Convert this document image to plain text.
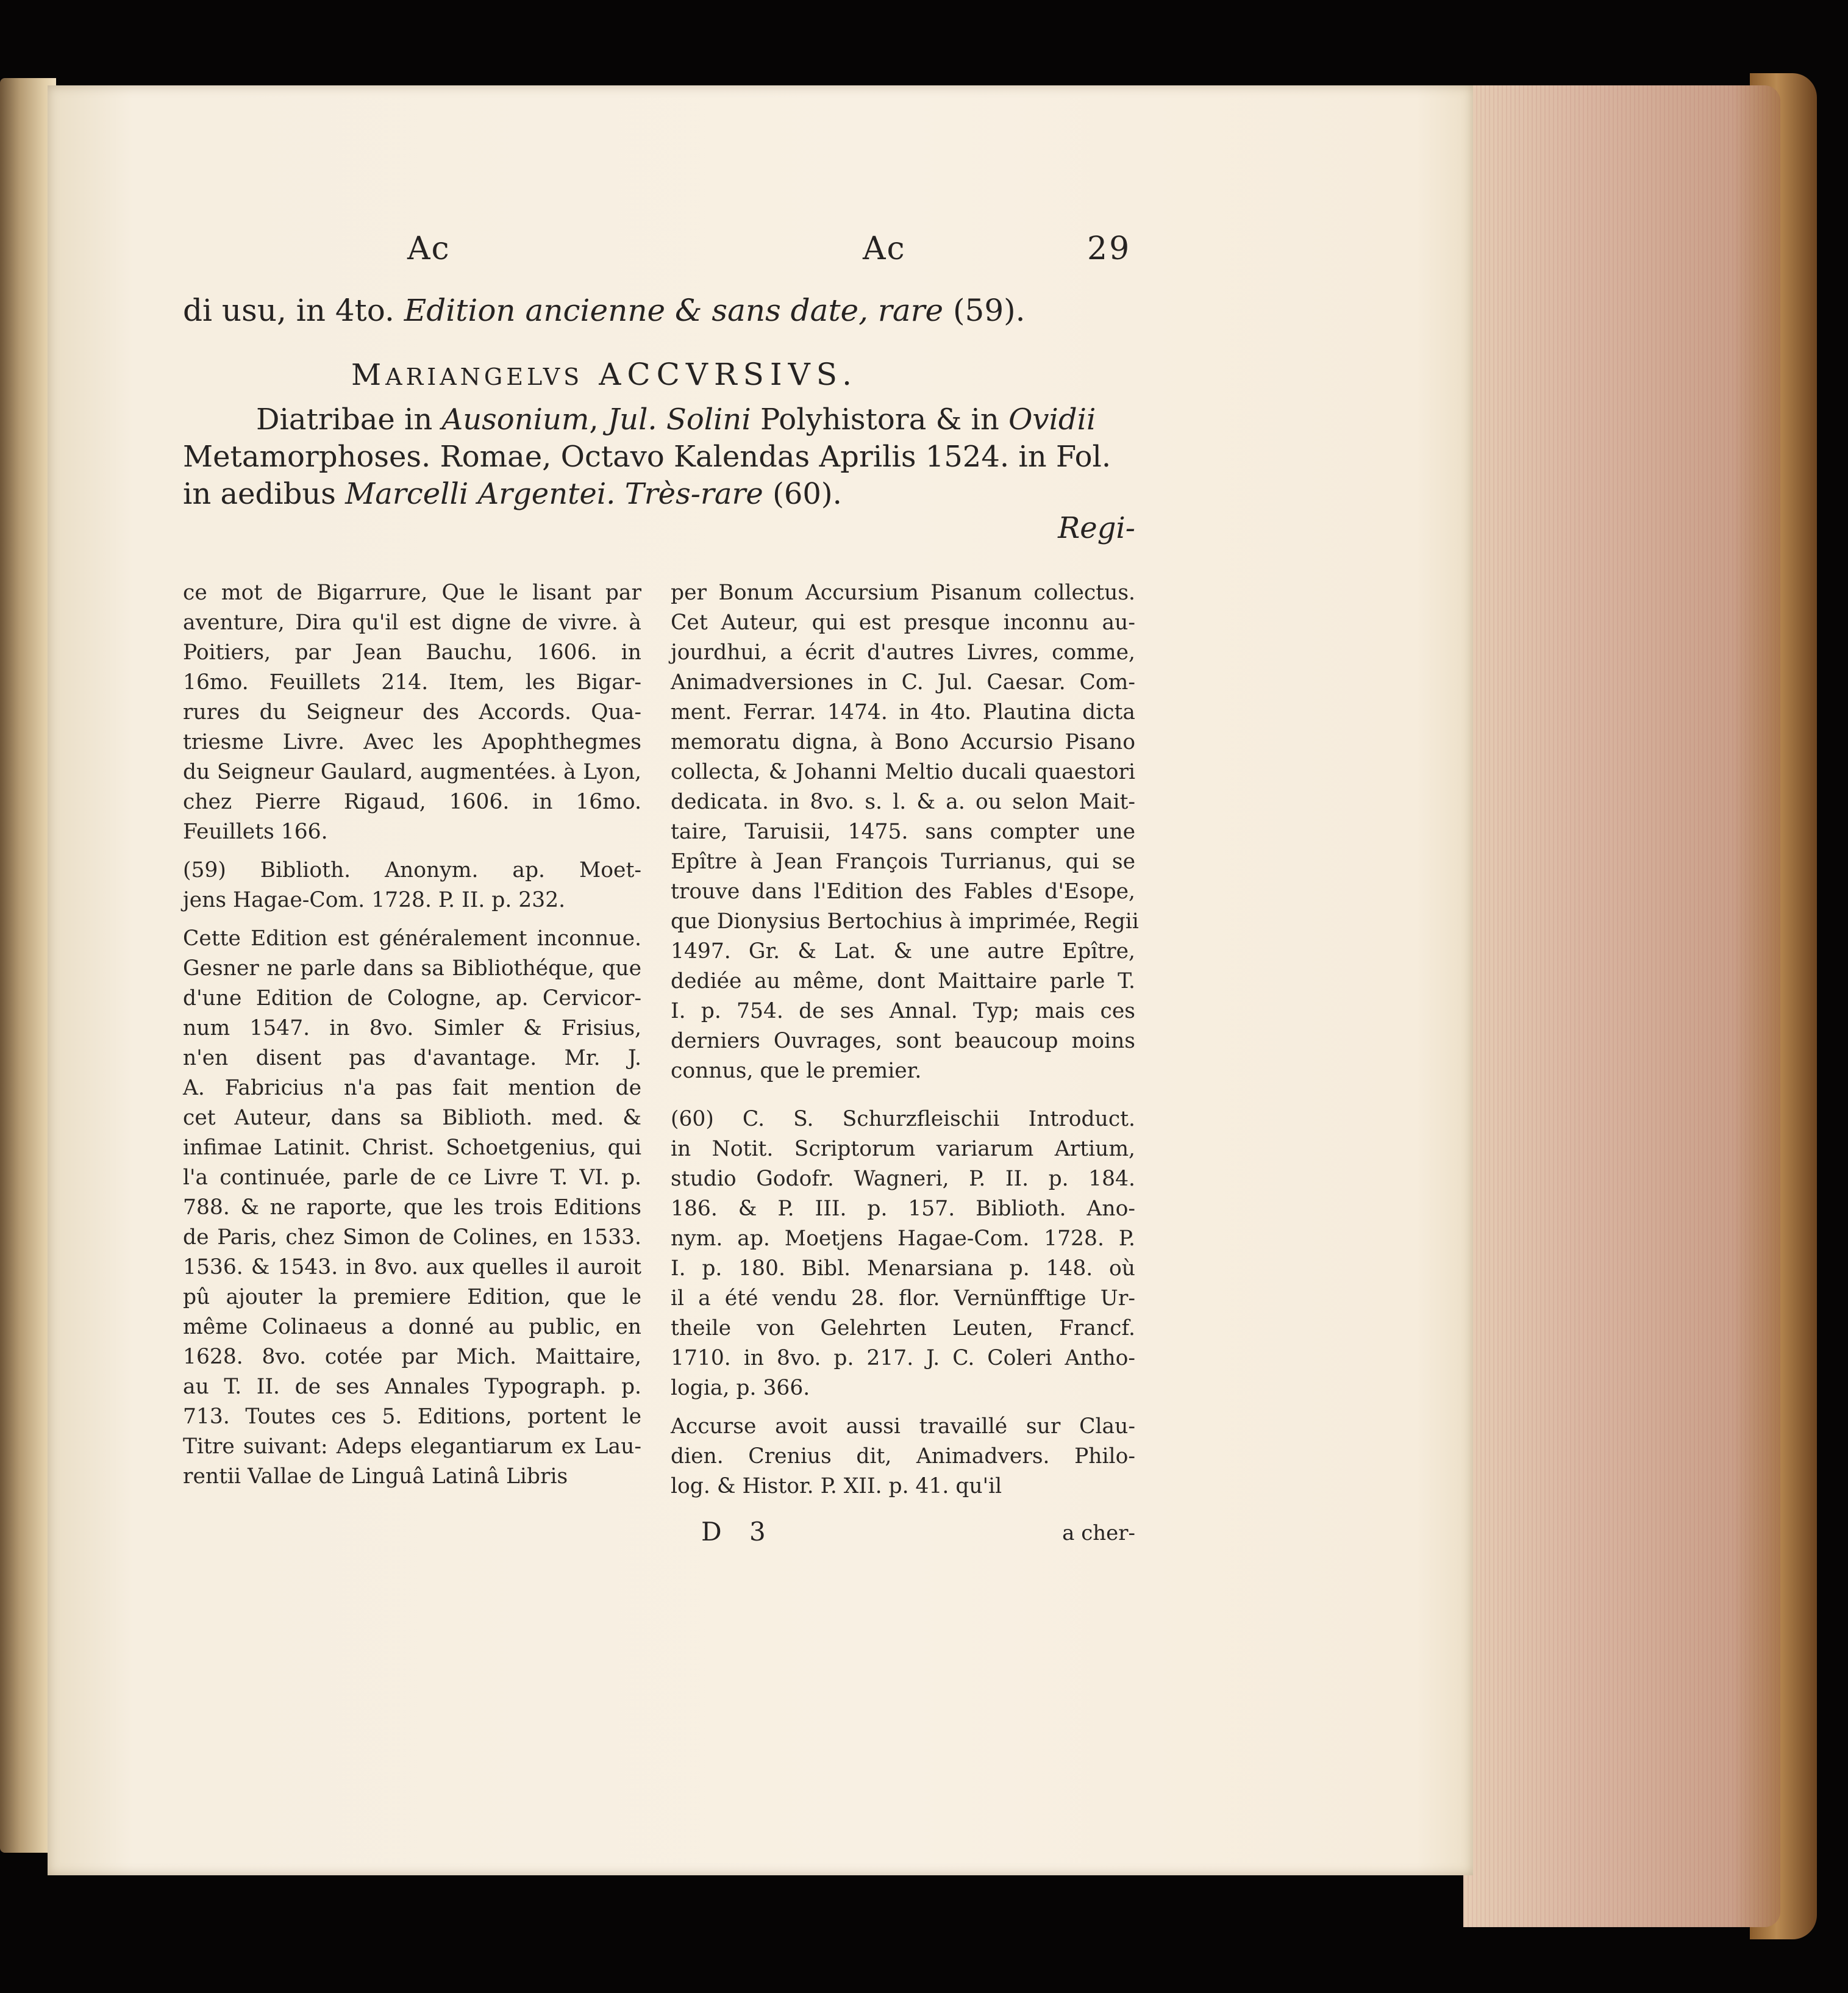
Ac	Ac	29
di usu, in 4to. Edition ancienne & sans date, rare (59).
MARIANGELVS ACCVRSIVS.
Diatribae in Ausonium, Jul. Solini Polyhistora & in Ovidii
Metamorphoses. Romae, Octavo Kalendas Aprilis 1524. in Fol.
in aedibus Marcelli Argentei. Très-rare (60).
Regi-
ce mot de Bigarrure, Que le lisant par
aventure, Dira qu'il est digne de vivre. à
Poitiers, par Jean Bauchu, 1606. in
16mo. Feuillets 214. Item, les Bigar-
rures du Seigneur des Accords. Qua-
triesme Livre. Avec les Apophthegmes
du Seigneur Gaulard, augmentées. à Lyon,
chez Pierre Rigaud, 1606. in 16mo.
Feuillets 166.
(59) Biblioth. Anonym. ap. Moet-
jens Hagae-Com. 1728. P. II. p. 232.
Cette Edition est généralement inconnue.
Gesner ne parle dans sa Bibliothéque, que
d'une Edition de Cologne, ap. Cervicor-
num 1547. in 8vo. Simler & Frisius,
n'en disent pas d'avantage. Mr. J.
A. Fabricius n'a pas fait mention de
cet Auteur, dans sa Biblioth. med. &
infimae Latinit. Christ. Schoetgenius, qui
l'a continuée, parle de ce Livre T. VI. p.
788. & ne raporte, que les trois Editions
de Paris, chez Simon de Colines, en 1533.
1536. & 1543. in 8vo. aux quelles il auroit
pû ajouter la premiere Edition, que le
même Colinaeus a donné au public, en
1628. 8vo. cotée par Mich. Maittaire,
au T. II. de ses Annales Typograph. p.
713. Toutes ces 5. Editions, portent le
Titre suivant: Adeps elegantiarum ex Lau-
rentii Vallae de Linguâ Latinâ Libris
per Bonum Accursium Pisanum collectus.
Cet Auteur, qui est presque inconnu au-
jourdhui, a écrit d'autres Livres, comme,
Animadversiones in C. Jul. Caesar. Com-
ment. Ferrar. 1474. in 4to. Plautina dicta
memoratu digna, à Bono Accursio Pisano
collecta, & Johanni Meltio ducali quaestori
dedicata. in 8vo. s. l. & a. ou selon Mait-
taire, Taruisii, 1475. sans compter une
Epître à Jean François Turrianus, qui se
trouve dans l'Edition des Fables d'Esope,
que Dionysius Bertochius à imprimée, Regii
1497. Gr. & Lat. & une autre Epître,
dediée au même, dont Maittaire parle T.
I. p. 754. de ses Annal. Typ; mais ces
derniers Ouvrages, sont beaucoup moins
connus, que le premier.
(60) C. S. Schurzfleischii Introduct.
in Notit. Scriptorum variarum Artium,
studio Godofr. Wagneri, P. II. p. 184.
186. & P. III. p. 157. Biblioth. Ano-
nym. ap. Moetjens Hagae-Com. 1728. P.
I. p. 180. Bibl. Menarsiana p. 148. où
il a été vendu 28. flor. Vernünfftige Ur-
theile von Gelehrten Leuten, Francf.
1710. in 8vo. p. 217. J. C. Coleri Antho-
logia, p. 366.
Accurse avoit aussi travaillé sur Clau-
dien. Crenius dit, Animadvers. Philo-
log. & Histor. P. XII. p. 41. qu'il
D 3	a cher-
